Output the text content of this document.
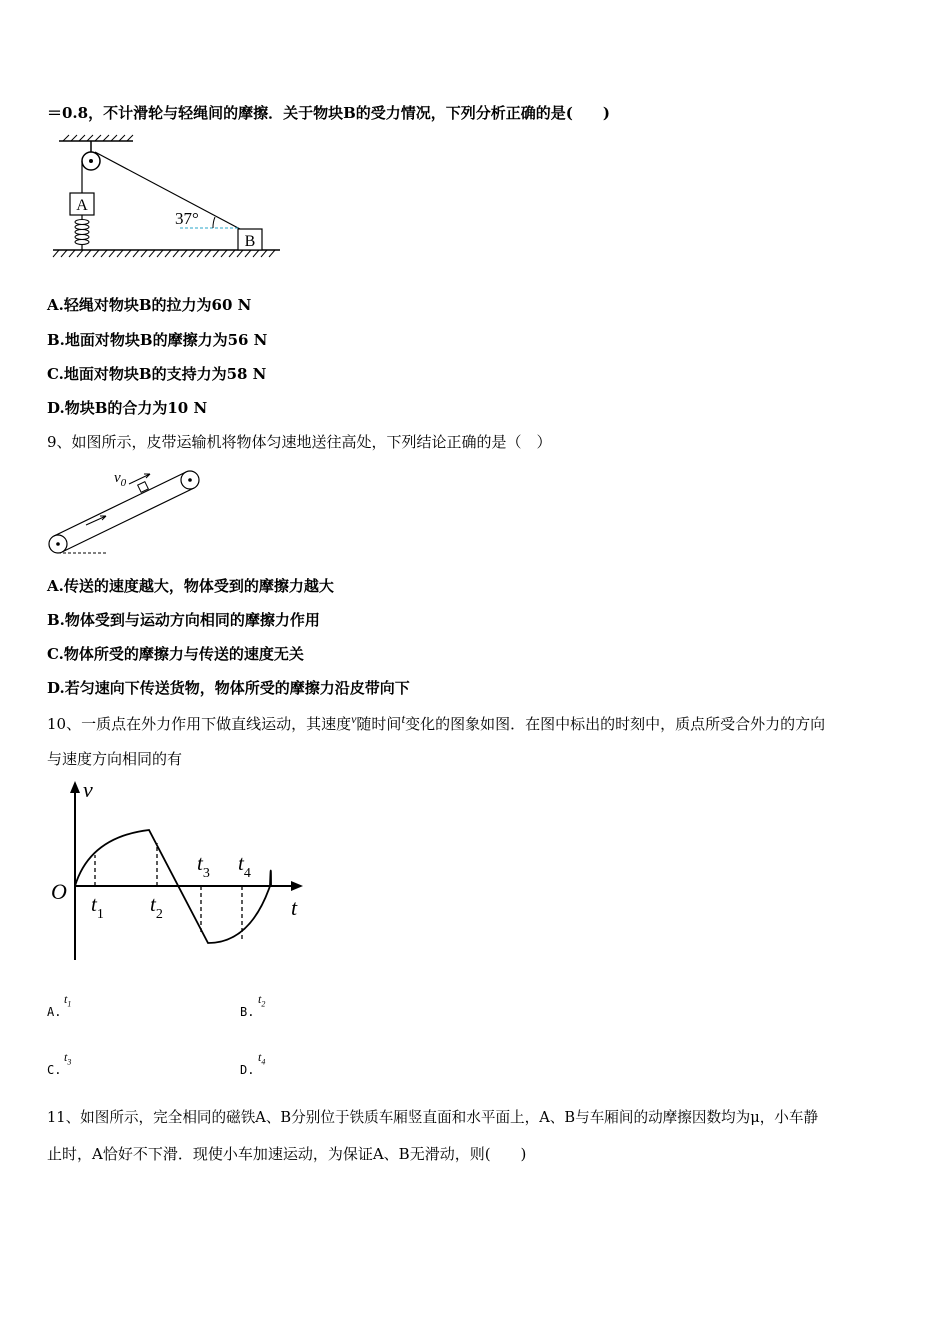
＝0.8，不计滑轮与轻绳间的摩擦．关于物块B的受力情况，下列分析正确的是(　　)
A
B
37°
A.轻绳对物块B的拉力为60 N
B.地面对物块B的摩擦力为56 N
C.地面对物块B的支持力为58 N
D.物块B的合力为10 N
9、如图所示，皮带运输机将物体匀速地送往高处，下列结论正确的是（　）
$v_0$
A.传送的速度越大，物体受到的摩擦力越大
B.物体受到与运动方向相同的摩擦力作用
C.物体所受的摩擦力与传送的速度无关
D.若匀速向下传送货物，物体所受的摩擦力沿皮带向下
10、一质点在外力作用下做直线运动，其速度$^v$随时间$^t$变化的图象如图．在图中标出的时刻中，质点所受合外力的方向
与速度方向相同的有
v
t
O $t_1$ $t_2$
$t_3$ $t_4$
A.
$t_1$
B.
$t_2$
C.
$t_3$
D.
$t_4$
11、如图所示，完全相同的磁铁A、B分别位于铁质车厢竖直面和水平面上，A、B与车厢间的动摩擦因数均为μ，小车静
止时，A恰好不下滑．现使小车加速运动，为保证A、B无滑动，则(　　)
